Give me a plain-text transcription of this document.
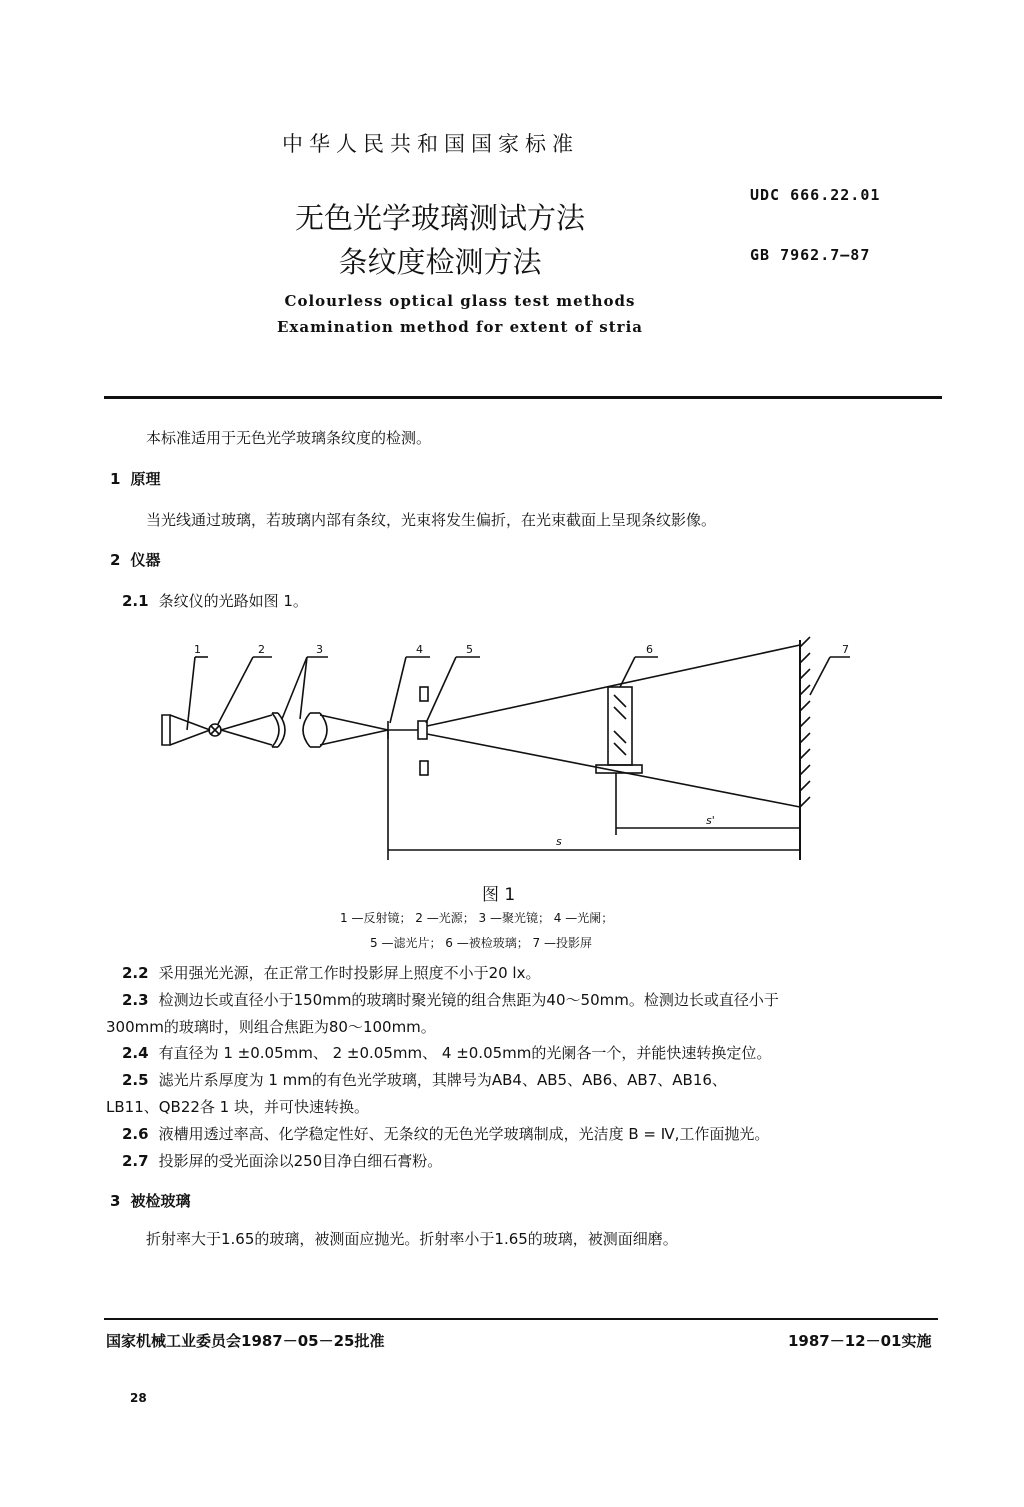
中华人民共和国国家标准
无色光学玻璃测试方法
条纹度检测方法
Colourless optical glass test methods
Examination method for extent of stria
UDC 666.22.01
GB 7962.7—87
本标准适用于无色光学玻璃条纹度的检测。
1 原理
当光线通过玻璃，若玻璃内部有条纹，光束将发生偏折，在光束截面上呈现条纹影像。
2 仪器
2.1 条纹仪的光路如图 1。
1	2	3	4	5	6	7
s
s'
图 1
1 —反射镜； 2 —光源； 3 —聚光镜； 4 —光阑；
5 —滤光片； 6 —被检玻璃； 7 —投影屏
2.2 采用强光光源，在正常工作时投影屏上照度不小于20 lx。
2.3 检测边长或直径小于150mm的玻璃时聚光镜的组合焦距为40～50mm。检测边长或直径小于
300mm的玻璃时，则组合焦距为80～100mm。
2.4 有直径为 1 ±0.05mm、 2 ±0.05mm、 4 ±0.05mm的光阑各一个，并能快速转换定位。
2.5 滤光片系厚度为 1 mm的有色光学玻璃，其牌号为AB4、AB5、AB6、AB7、AB16、
LB11、QB22各 1 块，并可快速转换。
2.6 液槽用透过率高、化学稳定性好、无条纹的无色光学玻璃制成，光洁度 B = Ⅳ,工作面抛光。
2.7 投影屏的受光面涂以250目净白细石膏粉。
3 被检玻璃
折射率大于1.65的玻璃，被测面应抛光。折射率小于1.65的玻璃，被测面细磨。
国家机械工业委员会1987－05－25批准	1987－12－01实施
28
